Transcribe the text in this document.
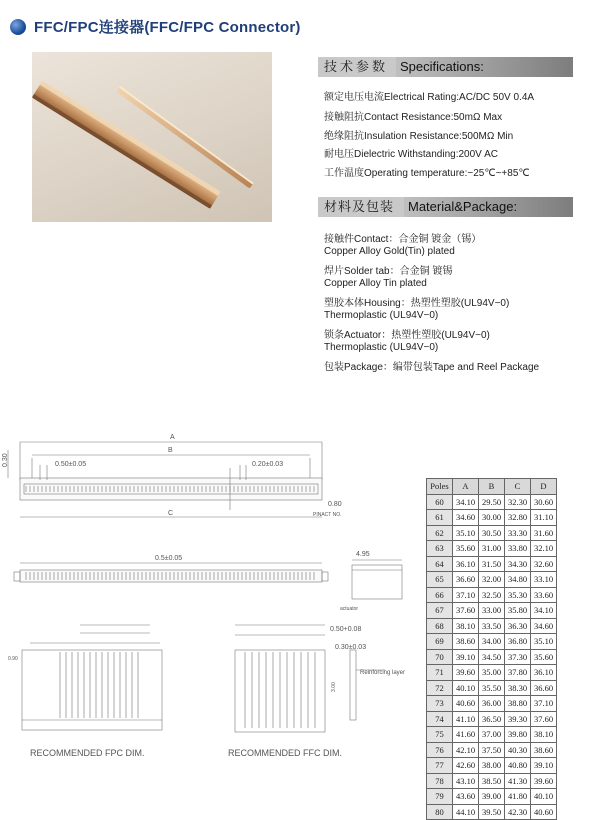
FFC/FPC连接器(FFC/FPC Connector)
技术参数 Specifications:
额定电压电流Electrical Rating:AC/DC 50V 0.4A
接触阻抗Contact Resistance:50mΩ Max
绝缘阻抗Insulation Resistance:500MΩ Min
耐电压Dielectric Withstanding:200V AC
工作温度Operating temperature:−25℃~+85℃
材料及包装	Material&Package:
接触件Contact：合金铜 镀金（锡）
Copper Alloy Gold(Tin) plated
焊片Solder tab：合金铜 镀锡
Copper Alloy Tin plated
塑胶本体Housing：热塑性塑胶(UL94V−0)
Thermoplastic (UL94V−0)
锁条Actuator：热塑性塑胶(UL94V−0)
Thermoplastic (UL94V−0)
包装Package：编带包装Tape and Reel Package
A
B
C
0.50±0.05	0.20±0.03
0.30
0.80
PINACT NO.
0.5±0.05
4.95
actuator
0.50+0.08
0.30±0.03
3.00
0.90
Reinforcing layer
RECOMMENDED FPC DIM.	RECOMMENDED FFC DIM.
Poles	A	B	C	D
60	34.10	29.50	32.30	30.60
61	34.60	30.00	32.80	31.10
62	35.10	30.50	33.30	31.60
63	35.60	31.00	33.80	32.10
64	36.10	31.50	34.30	32.60
65	36.60	32.00	34.80	33.10
66	37.10	32.50	35.30	33.60
67	37.60	33.00	35.80	34.10
68	38.10	33.50	36.30	34.60
69	38.60	34.00	36.80	35.10
70	39.10	34.50	37.30	35.60
71	39.60	35.00	37.80	36.10
72	40.10	35.50	38.30	36.60
73	40.60	36.00	38.80	37.10
74	41.10	36.50	39.30	37.60
75	41.60	37.00	39.80	38.10
76	42.10	37.50	40.30	38.60
77	42.60	38.00	40.80	39.10
78	43.10	38.50	41.30	39.60
79	43.60	39.00	41.80	40.10
80	44.10	39.50	42.30	40.60
